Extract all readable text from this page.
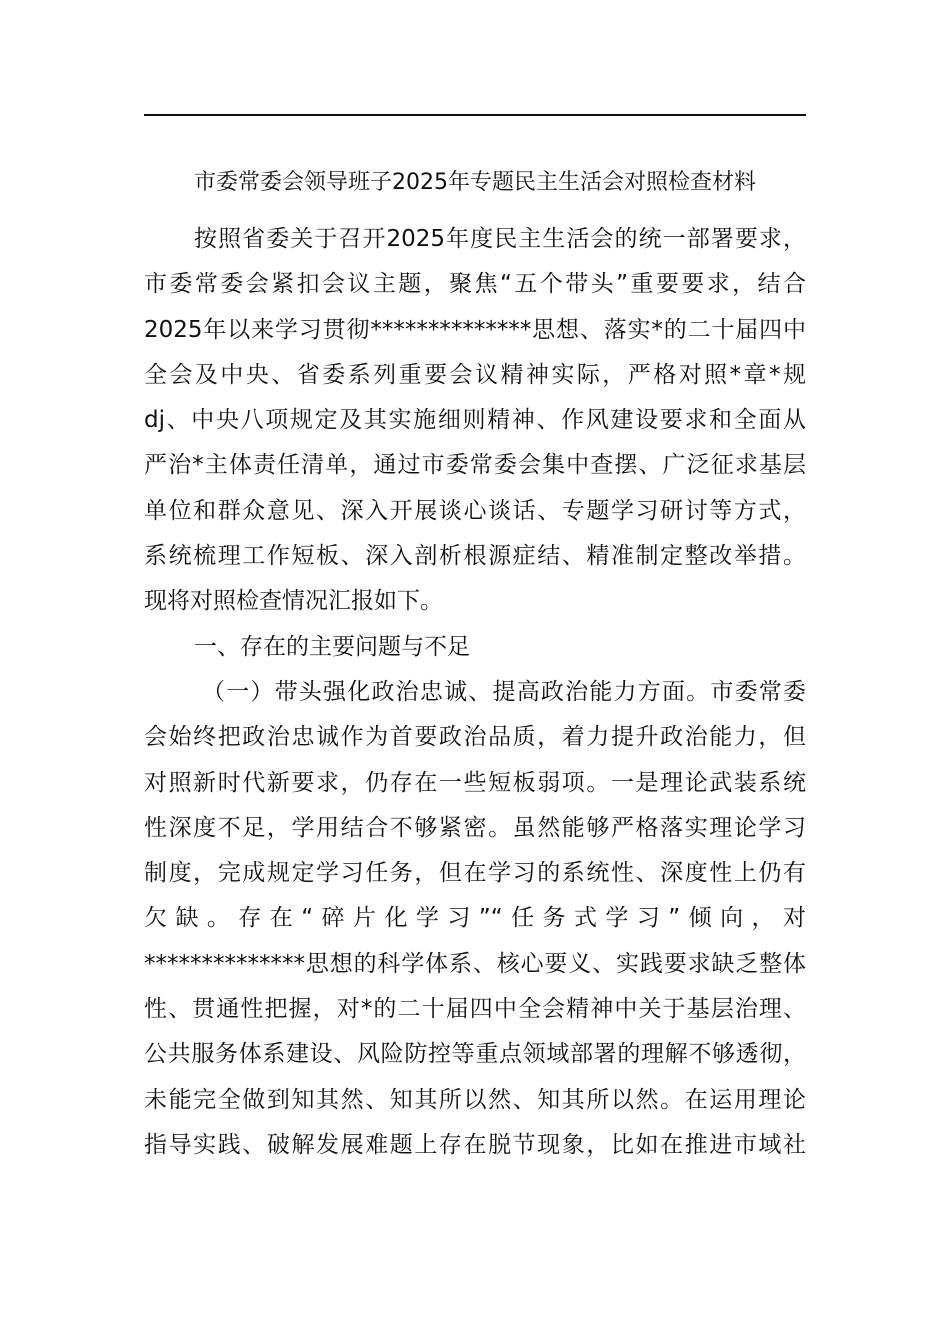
市委常委会领导班子2025年专题民主生活会对照检查材料
按照省委关于召开2025年度民主生活会的统一部署要求，
市委常委会紧扣会议主题，聚焦“五个带头”重要要求，结合
2025年以来学习贯彻**************思想、落实*的二十届四中
全会及中央、省委系列重要会议精神实际，严格对照*章*规
dj、中央八项规定及其实施细则精神、作风建设要求和全面从
严治*主体责任清单，通过市委常委会集中查摆、广泛征求基层
单位和群众意见、深入开展谈心谈话、专题学习研讨等方式，
系统梳理工作短板、深入剖析根源症结、精准制定整改举措。
现将对照检查情况汇报如下。
一、存在的主要问题与不足
（一）带头强化政治忠诚、提高政治能力方面。市委常委
会始终把政治忠诚作为首要政治品质，着力提升政治能力，但
对照新时代新要求，仍存在一些短板弱项。一是理论武装系统
性深度不足，学用结合不够紧密。虽然能够严格落实理论学习
制度，完成规定学习任务，但在学习的系统性、深度性上仍有
欠缺。存在“碎片化学习”“任务式学习”倾向，对
**************思想的科学体系、核心要义、实践要求缺乏整体
性、贯通性把握，对*的二十届四中全会精神中关于基层治理、
公共服务体系建设、风险防控等重点领域部署的理解不够透彻，
未能完全做到知其然、知其所以然、知其所以然。在运用理论
指导实践、破解发展难题上存在脱节现象，比如在推进市域社
